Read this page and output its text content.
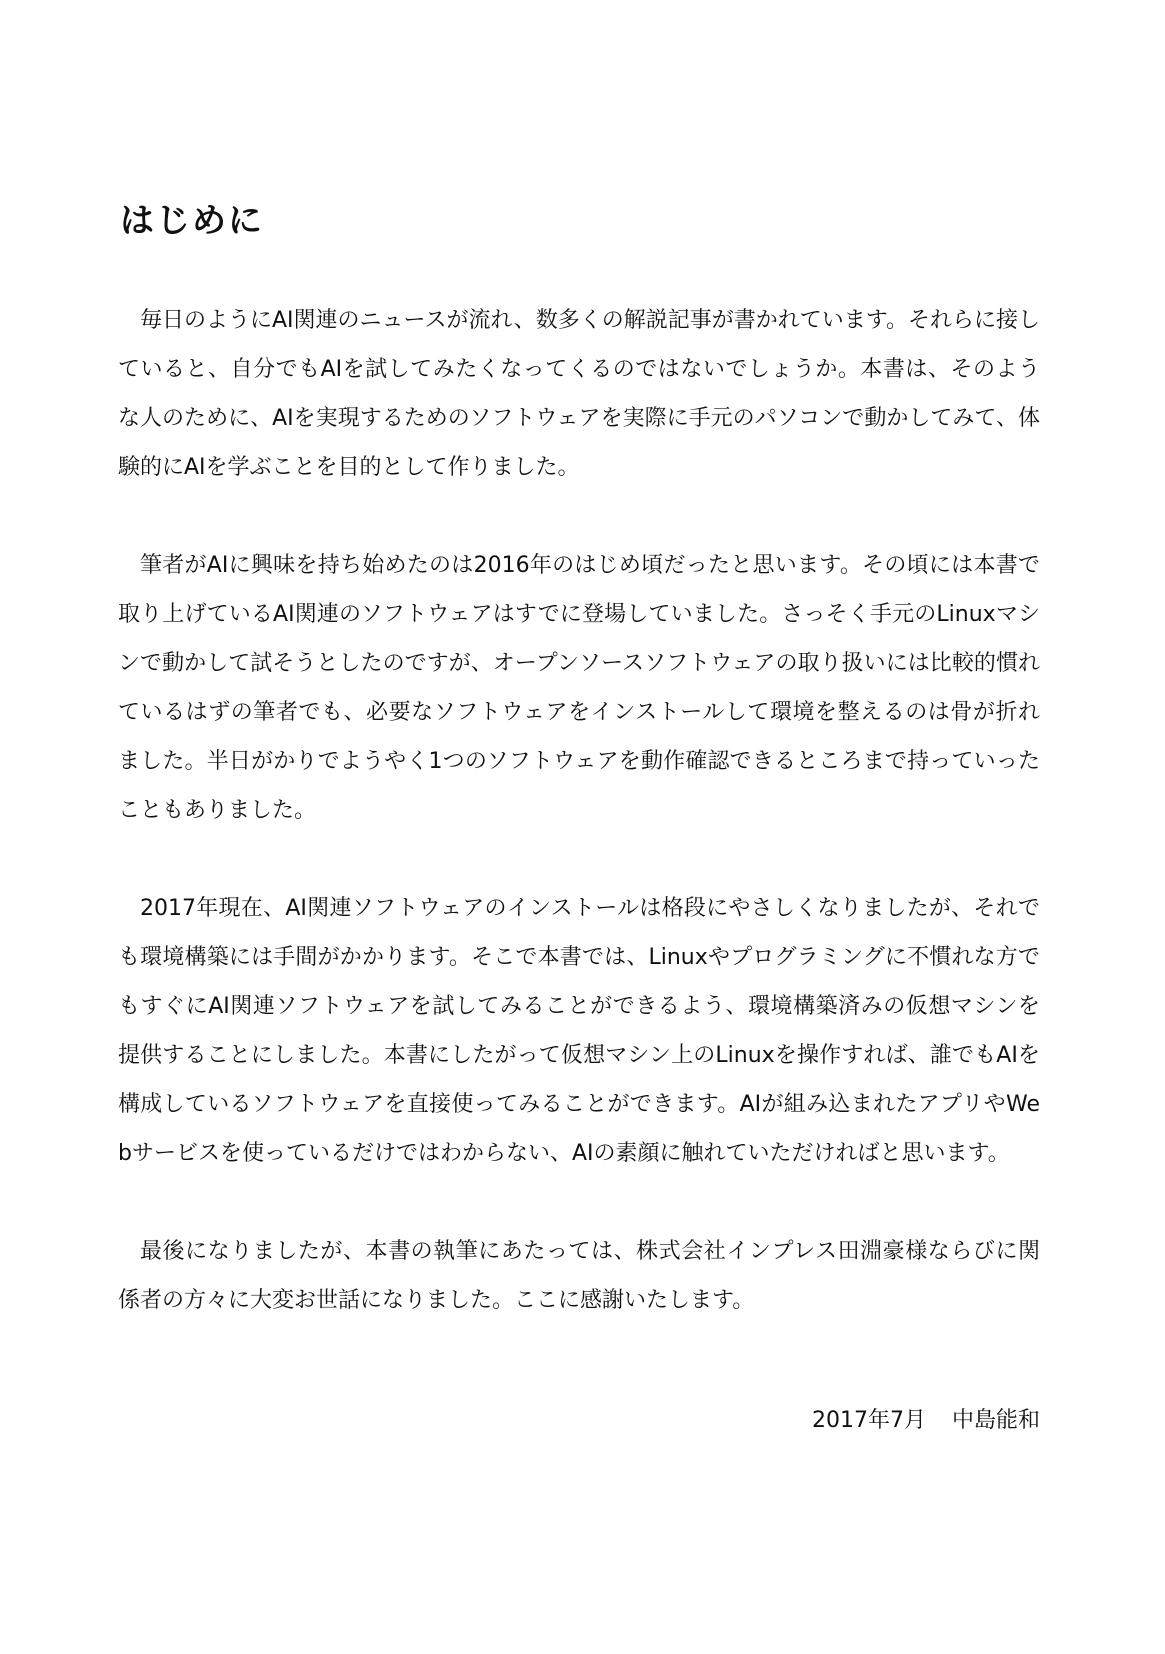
はじめに

毎日のようにAI関連のニュースが流れ、数多くの解説記事が書かれています。それらに接していると、自分でもAIを試してみたくなってくるのではないでしょうか。本書は、そのような人のために、AIを実現するためのソフトウェアを実際に手元のパソコンで動かしてみて、体験的にAIを学ぶことを目的として作りました。

筆者がAIに興味を持ち始めたのは2016年のはじめ頃だったと思います。その頃には本書で取り上げているAI関連のソフトウェアはすでに登場していました。さっそく手元のLinuxマシンで動かして試そうとしたのですが、オープンソースソフトウェアの取り扱いには比較的慣れているはずの筆者でも、必要なソフトウェアをインストールして環境を整えるのは骨が折れました。半日がかりでようやく1つのソフトウェアを動作確認できるところまで持っていったこともありました。

2017年現在、AI関連ソフトウェアのインストールは格段にやさしくなりましたが、それでも環境構築には手間がかかります。そこで本書では、Linuxやプログラミングに不慣れな方でもすぐにAI関連ソフトウェアを試してみることができるよう、環境構築済みの仮想マシンを提供することにしました。本書にしたがって仮想マシン上のLinuxを操作すれば、誰でもAIを構成しているソフトウェアを直接使ってみることができます。AIが組み込まれたアプリやWebサービスを使っているだけではわからない、AIの素顔に触れていただければと思います。

最後になりましたが、本書の執筆にあたっては、株式会社インプレス田淵豪様ならびに関係者の方々に大変お世話になりました。ここに感謝いたします。

2017年7月 中島能和
